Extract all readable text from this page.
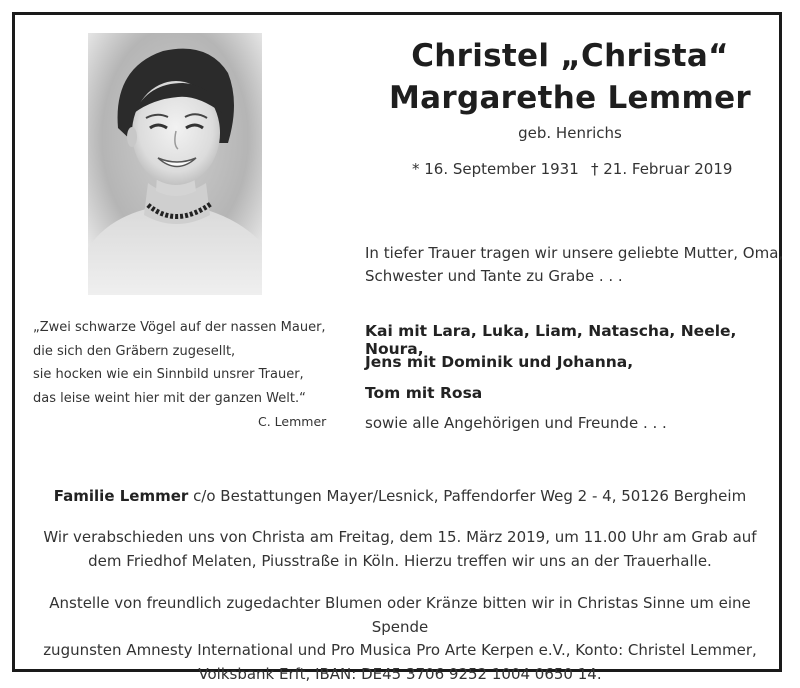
Christel „Christa“
Margarethe Lemmer
geb. Henrichs
* 16. September 1931 † 21. Februar 2019
In tiefer Trauer tragen wir unsere geliebte Mutter, Oma,
Schwester und Tante zu Grabe . . .
Kai mit Lara, Luka, Liam, Natascha, Neele, Noura,
Jens mit Dominik und Johanna,
Tom mit Rosa
sowie alle Angehörigen und Freunde . . .
„Zwei schwarze Vögel auf der nassen Mauer,
die sich den Gräbern zugesellt,
sie hocken wie ein Sinnbild unsrer Trauer,
das leise weint hier mit der ganzen Welt.“
C. Lemmer
Familie Lemmer c/o Bestattungen Mayer/Lesnick, Paffendorfer Weg 2 - 4, 50126 Bergheim
Wir verabschieden uns von Christa am Freitag, dem 15. März 2019, um 11.00 Uhr am Grab auf
dem Friedhof Melaten, Piusstraße in Köln. Hierzu treffen wir uns an der Trauerhalle.
Anstelle von freundlich zugedachter Blumen oder Kränze bitten wir in Christas Sinne um eine Spende
zugunsten Amnesty International und Pro Musica Pro Arte Kerpen e.V., Konto: Christel Lemmer,
Volksbank Erft, IBAN: DE45 3706 9252 1004 0650 14.
